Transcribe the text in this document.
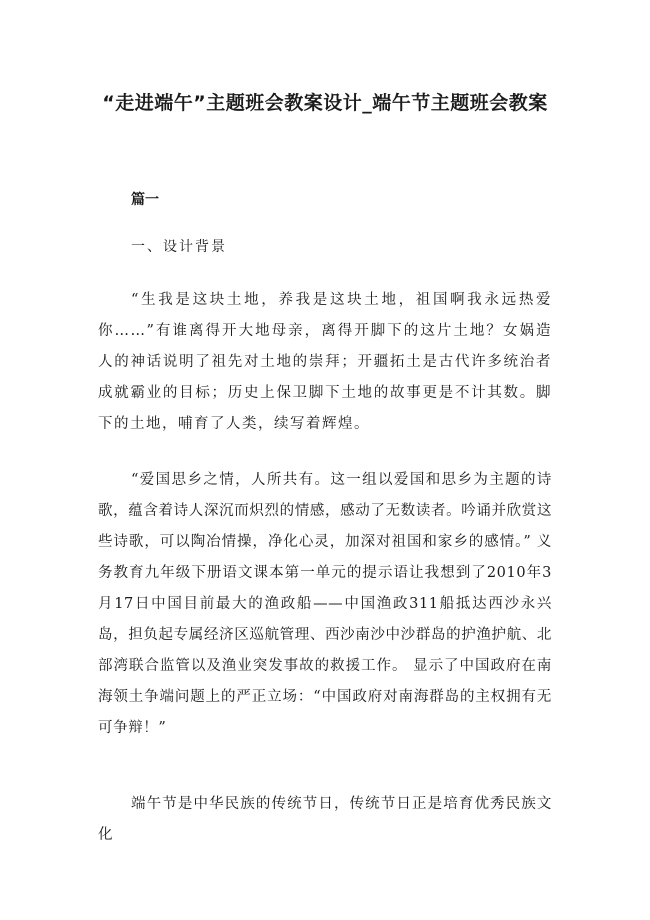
“走进端午”主题班会教案设计_端午节主题班会教案
篇一
一、设计背景
“生我是这块土地，养我是这块土地，祖国啊我永远热爱你……”有谁离得开大地母亲，离得开脚下的这片土地？女娲造人的神话说明了祖先对土地的崇拜；开疆拓土是古代许多统治者成就霸业的目标；历史上保卫脚下土地的故事更是不计其数。脚下的土地，哺育了人类，续写着辉煌。
“爱国思乡之情，人所共有。这一组以爱国和思乡为主题的诗歌，蕴含着诗人深沉而炽烈的情感，感动了无数读者。吟诵并欣赏这些诗歌，可以陶冶情操，净化心灵，加深对祖国和家乡的感情。” 义务教育九年级下册语文课本第一单元的提示语让我想到了2010年3月17日中国目前最大的渔政船——中国渔政311船抵达西沙永兴岛，担负起专属经济区巡航管理、西沙南沙中沙群岛的护渔护航、北部湾联合监管以及渔业突发事故的救援工作。 显示了中国政府在南海领土争端问题上的严正立场：“中国政府对南海群岛的主权拥有无可争辩！”
端午节是中华民族的传统节日，传统节日正是培育优秀民族文化
